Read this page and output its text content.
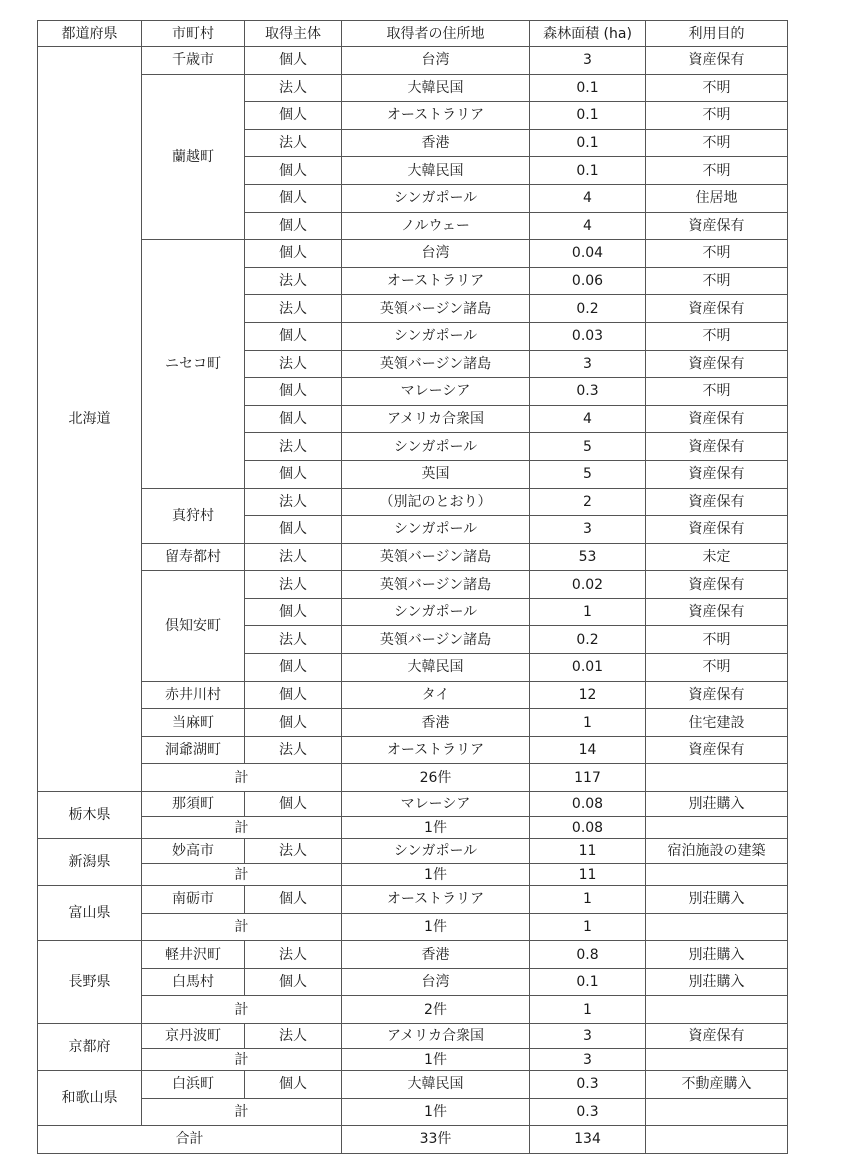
都道府県	市町村	取得主体	取得者の住所地	森林面積 (ha)	利用目的
北海道	千歳市	個人	台湾	3	資産保有
	蘭越町	法人	大韓民国	0.1	不明
		個人	オーストラリア	0.1	不明
		法人	香港	0.1	不明
		個人	大韓民国	0.1	不明
		個人	シンガポール	4	住居地
		個人	ノルウェー	4	資産保有
	ニセコ町	個人	台湾	0.04	不明
		法人	オーストラリア	0.06	不明
		法人	英領バージン諸島	0.2	資産保有
		個人	シンガポール	0.03	不明
		法人	英領バージン諸島	3	資産保有
		個人	マレーシア	0.3	不明
		個人	アメリカ合衆国	4	資産保有
		法人	シンガポール	5	資産保有
		個人	英国	5	資産保有
	真狩村	法人	（別記のとおり）	2	資産保有
		個人	シンガポール	3	資産保有
	留寿都村	法人	英領バージン諸島	53	未定
	倶知安町	法人	英領バージン諸島	0.02	資産保有
		個人	シンガポール	1	資産保有
		法人	英領バージン諸島	0.2	不明
		個人	大韓民国	0.01	不明
	赤井川村	個人	タイ	12	資産保有
	当麻町	個人	香港	1	住宅建設
	洞爺湖町	法人	オーストラリア	14	資産保有
	計		26件	117	
栃木県	那須町	個人	マレーシア	0.08	別荘購入
	計		1件	0.08	
新潟県	妙高市	法人	シンガポール	11	宿泊施設の建築
	計		1件	11	
富山県	南砺市	個人	オーストラリア	1	別荘購入
	計		1件	1	
長野県	軽井沢町	法人	香港	0.8	別荘購入
	白馬村	個人	台湾	0.1	別荘購入
	計		2件	1	
京都府	京丹波町	法人	アメリカ合衆国	3	資産保有
	計		1件	3	
和歌山県	白浜町	個人	大韓民国	0.3	不動産購入
	計		1件	0.3	
合計			33件	134	
